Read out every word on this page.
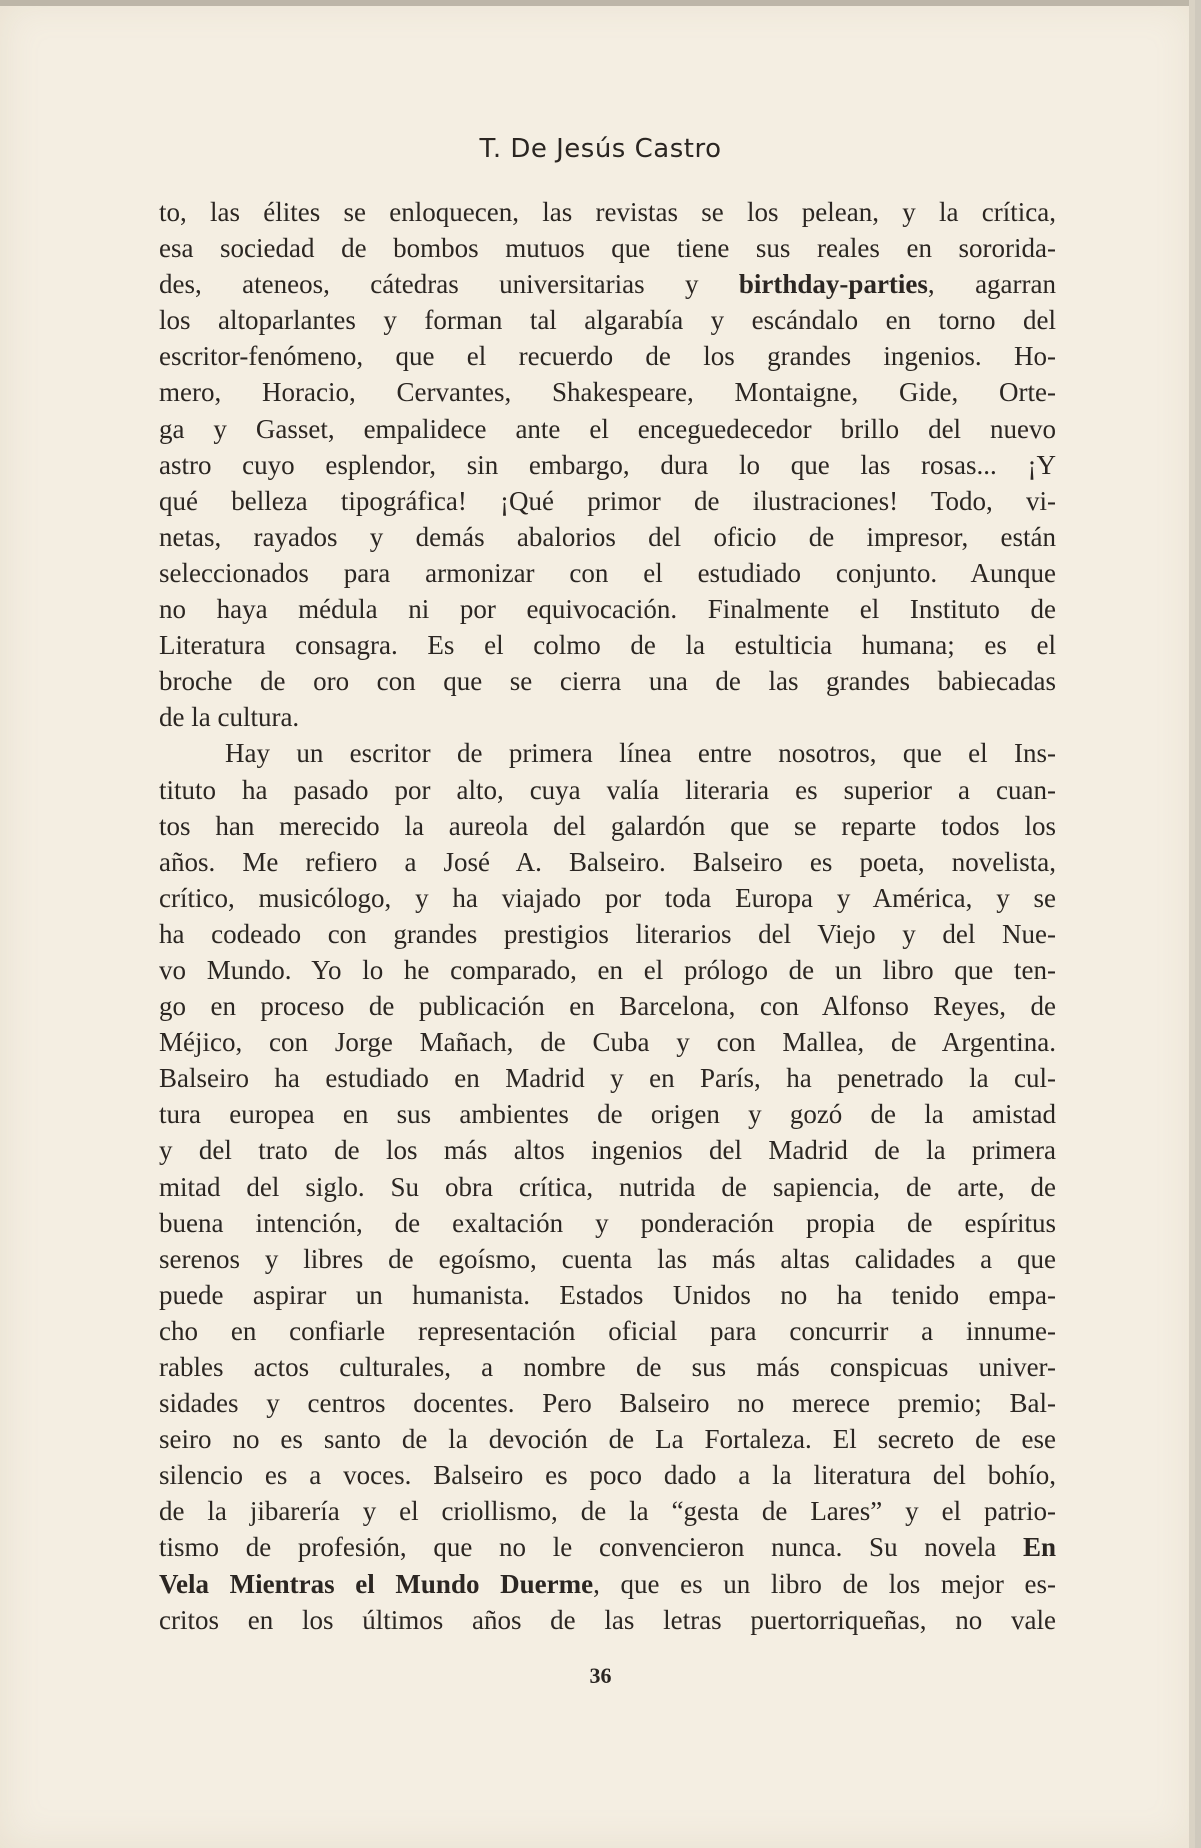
T. De Jesús Castro
to, las élites se enloquecen, las revistas se los pelean, y la crítica,
esa sociedad de bombos mutuos que tiene sus reales en sororida-
des, ateneos, cátedras universitarias y birthday-parties, agarran
los altoparlantes y forman tal algarabía y escándalo en torno del
escritor-fenómeno, que el recuerdo de los grandes ingenios. Ho-
mero, Horacio, Cervantes, Shakespeare, Montaigne, Gide, Orte-
ga y Gasset, empalidece ante el enceguedecedor brillo del nuevo
astro cuyo esplendor, sin embargo, dura lo que las rosas... ¡Y
qué belleza tipográfica! ¡Qué primor de ilustraciones! Todo, vi-
netas, rayados y demás abalorios del oficio de impresor, están
seleccionados para armonizar con el estudiado conjunto. Aunque
no haya médula ni por equivocación. Finalmente el Instituto de
Literatura consagra. Es el colmo de la estulticia humana; es el
broche de oro con que se cierra una de las grandes babiecadas
de la cultura.
Hay un escritor de primera línea entre nosotros, que el Ins-
tituto ha pasado por alto, cuya valía literaria es superior a cuan-
tos han merecido la aureola del galardón que se reparte todos los
años. Me refiero a José A. Balseiro. Balseiro es poeta, novelista,
crítico, musicólogo, y ha viajado por toda Europa y América, y se
ha codeado con grandes prestigios literarios del Viejo y del Nue-
vo Mundo. Yo lo he comparado, en el prólogo de un libro que ten-
go en proceso de publicación en Barcelona, con Alfonso Reyes, de
Méjico, con Jorge Mañach, de Cuba y con Mallea, de Argentina.
Balseiro ha estudiado en Madrid y en París, ha penetrado la cul-
tura europea en sus ambientes de origen y gozó de la amistad
y del trato de los más altos ingenios del Madrid de la primera
mitad del siglo. Su obra crítica, nutrida de sapiencia, de arte, de
buena intención, de exaltación y ponderación propia de espíritus
serenos y libres de egoísmo, cuenta las más altas calidades a que
puede aspirar un humanista. Estados Unidos no ha tenido empa-
cho en confiarle representación oficial para concurrir a innume-
rables actos culturales, a nombre de sus más conspicuas univer-
sidades y centros docentes. Pero Balseiro no merece premio; Bal-
seiro no es santo de la devoción de La Fortaleza. El secreto de ese
silencio es a voces. Balseiro es poco dado a la literatura del bohío,
de la jibarería y el criollismo, de la “gesta de Lares” y el patrio-
tismo de profesión, que no le convencieron nunca. Su novela En
Vela Mientras el Mundo Duerme, que es un libro de los mejor es-
critos en los últimos años de las letras puertorriqueñas, no vale
36
